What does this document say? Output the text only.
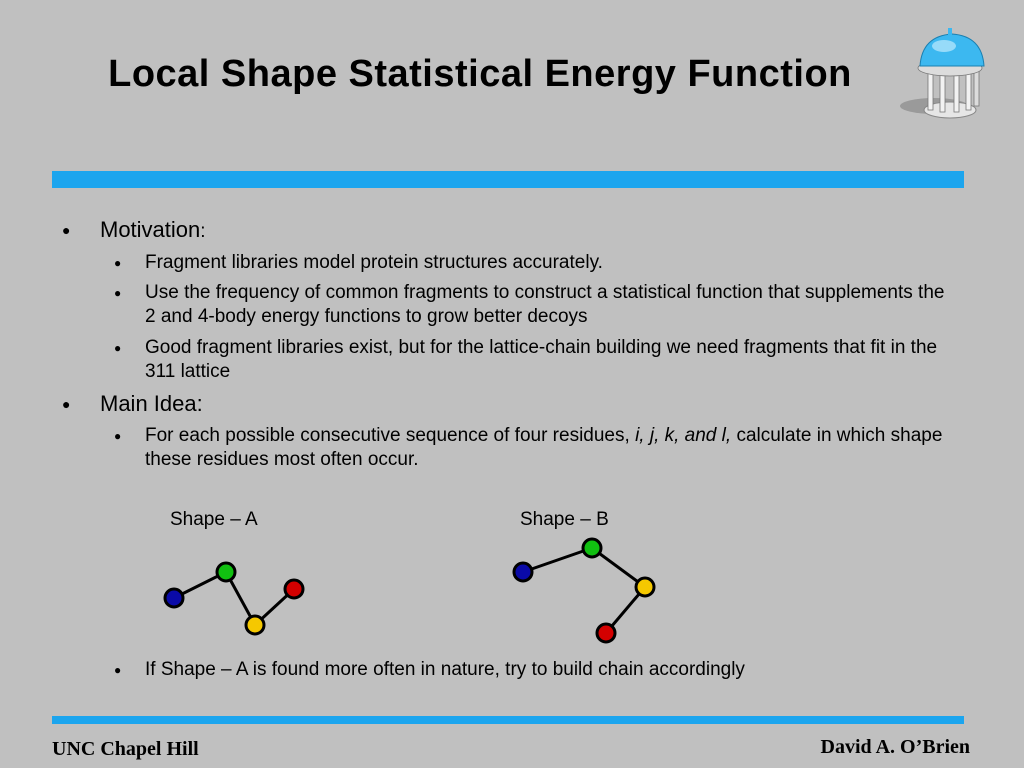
Local Shape Statistical Energy Function
● Motivation:
● Fragment libraries model protein structures accurately.
● Use the frequency of common fragments to construct a statistical function that supplements the 2 and 4-body energy functions to grow better decoys
● Good fragment libraries exist, but for the lattice-chain building we need fragments that fit in the 311 lattice
● Main Idea:
● For each possible consecutive sequence of four residues, i, j, k, and l, calculate in which shape these residues most often occur.
Shape – A	Shape – B
● If Shape – A is found more often in nature, try to build chain accordingly
UNC Chapel Hill	David A. O’Brien
